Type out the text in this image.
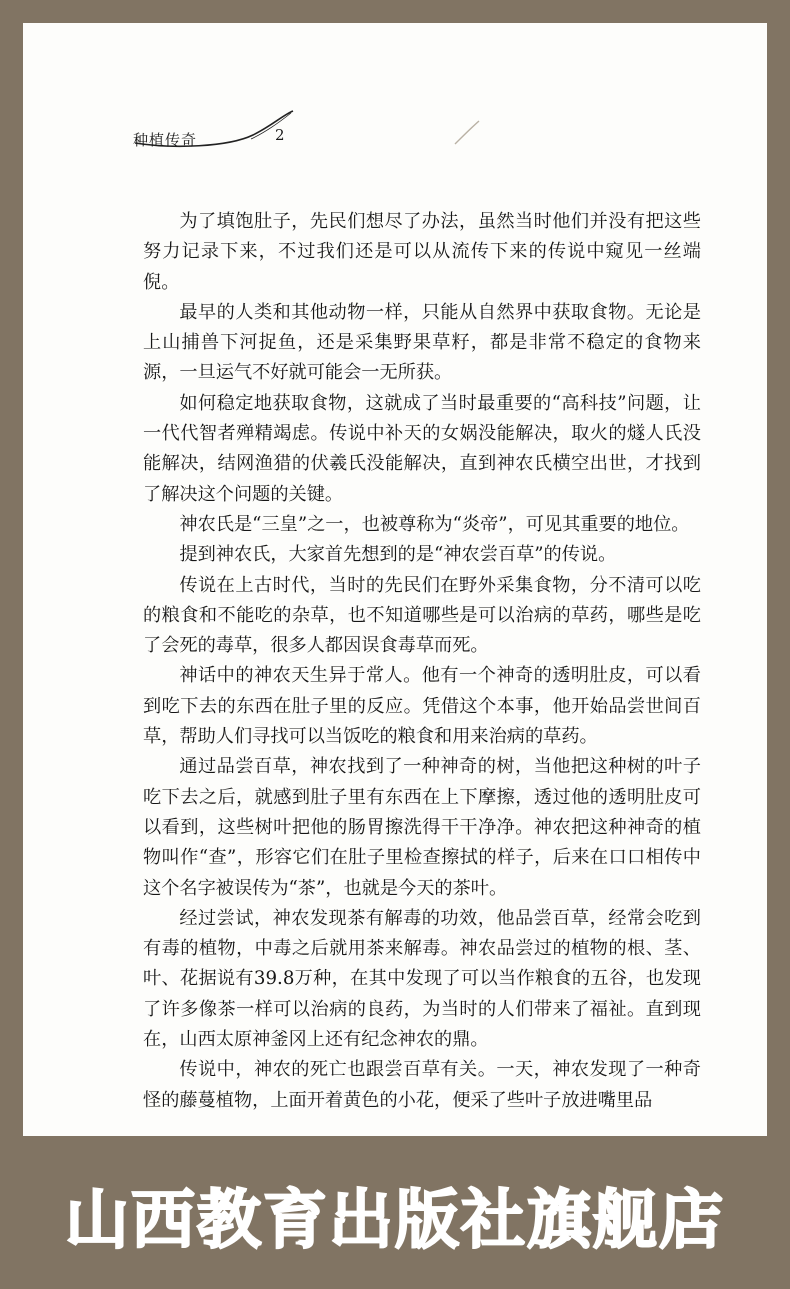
种植传奇	2

为了填饱肚子，先民们想尽了办法，虽然当时他们并没有把这些努力记录下来，不过我们还是可以从流传下来的传说中窥见一丝端倪。

最早的人类和其他动物一样，只能从自然界中获取食物。无论是上山捕兽下河捉鱼，还是采集野果草籽，都是非常不稳定的食物来源，一旦运气不好就可能会一无所获。

如何稳定地获取食物，这就成了当时最重要的“高科技”问题，让一代代智者殚精竭虑。传说中补天的女娲没能解决，取火的燧人氏没能解决，结网渔猎的伏羲氏没能解决，直到神农氏横空出世，才找到了解决这个问题的关键。

神农氏是“三皇”之一，也被尊称为“炎帝”，可见其重要的地位。

提到神农氏，大家首先想到的是“神农尝百草”的传说。

传说在上古时代，当时的先民们在野外采集食物，分不清可以吃的粮食和不能吃的杂草，也不知道哪些是可以治病的草药，哪些是吃了会死的毒草，很多人都因误食毒草而死。

神话中的神农天生异于常人。他有一个神奇的透明肚皮，可以看到吃下去的东西在肚子里的反应。凭借这个本事，他开始品尝世间百草，帮助人们寻找可以当饭吃的粮食和用来治病的草药。

通过品尝百草，神农找到了一种神奇的树，当他把这种树的叶子吃下去之后，就感到肚子里有东西在上下摩擦，透过他的透明肚皮可以看到，这些树叶把他的肠胃擦洗得干干净净。神农把这种神奇的植物叫作“查”，形容它们在肚子里检查擦拭的样子，后来在口口相传中这个名字被误传为“茶”，也就是今天的茶叶。

经过尝试，神农发现茶有解毒的功效，他品尝百草，经常会吃到有毒的植物，中毒之后就用茶来解毒。神农品尝过的植物的根、茎、叶、花据说有39.8万种，在其中发现了可以当作粮食的五谷，也发现了许多像茶一样可以治病的良药，为当时的人们带来了福祉。直到现在，山西太原神釜冈上还有纪念神农的鼎。

传说中，神农的死亡也跟尝百草有关。一天，神农发现了一种奇怪的藤蔓植物，上面开着黄色的小花，便采了些叶子放进嘴里品

山西教育出版社旗舰店
